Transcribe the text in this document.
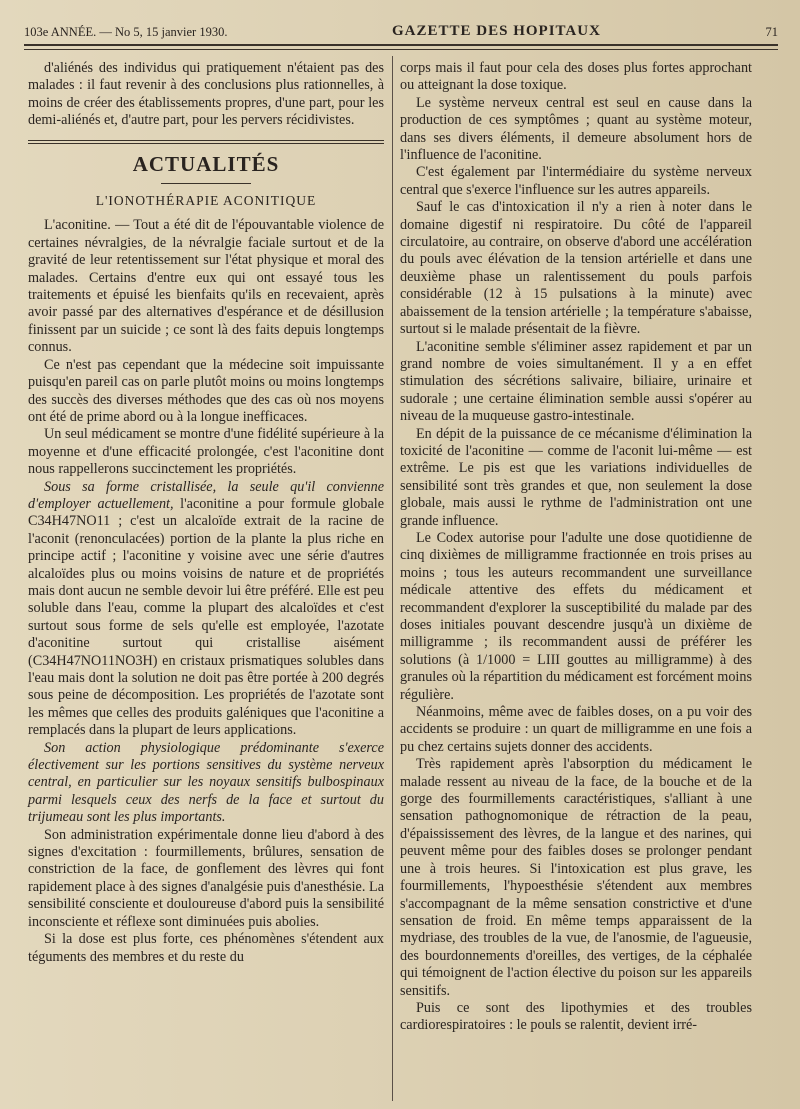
103e ANNÉE. — No 5, 15 janvier 1930.	GAZETTE DES HOPITAUX	71

d'aliénés des individus qui pratiquement n'étaient pas des malades : il faut revenir à des conclusions plus rationnelles, à moins de créer des établissements propres, d'une part, pour les demi-aliénés et, d'autre part, pour les pervers récidivistes.

ACTUALITÉS
L'IONOTHÉRAPIE ACONITIQUE

L'aconitine. — Tout a été dit de l'épouvantable violence de certaines névralgies, de la névralgie faciale surtout et de la gravité de leur retentissement sur l'état physique et moral des malades. Certains d'entre eux qui ont essayé tous les traitements et épuisé les bienfaits qu'ils en recevaient, après avoir passé par des alternatives d'espérance et de désillusion finissent par un suicide ; ce sont là des faits depuis longtemps connus.

Ce n'est pas cependant que la médecine soit impuissante puisqu'en pareil cas on parle plutôt moins ou moins longtemps des succès des diverses méthodes que des cas où nos moyens ont été de prime abord ou à la longue inefficaces.

Un seul médicament se montre d'une fidélité supérieure à la moyenne et d'une efficacité prolongée, c'est l'aconitine dont nous rappellerons succinctement les propriétés.

Sous sa forme cristallisée, la seule qu'il convienne d'employer actuellement, l'aconitine a pour formule globale C34H47NO11 ; c'est un alcaloïde extrait de la racine de l'aconit (renonculacées) portion de la plante la plus riche en principe actif ; l'aconitine y voisine avec une série d'autres alcaloïdes plus ou moins voisins de nature et de propriétés mais dont aucun ne semble devoir lui être préféré. Elle est peu soluble dans l'eau, comme la plupart des alcaloïdes et c'est surtout sous forme de sels qu'elle est employée, l'azotate d'aconitine surtout qui cristallise aisément (C34H47NO11NO3H) en cristaux prismatiques solubles dans l'eau mais dont la solution ne doit pas être portée à 200 degrés sous peine de décomposition. Les propriétés de l'azotate sont les mêmes que celles des produits galéniques que l'aconitine a remplacés dans la plupart de leurs applications.

Son action physiologique prédominante s'exerce électivement sur les portions sensitives du système nerveux central, en particulier sur les noyaux sensitifs bulbospinaux parmi lesquels ceux des nerfs de la face et surtout du trijumeau sont les plus importants.

Son administration expérimentale donne lieu d'abord à des signes d'excitation : fourmillements, brûlures, sensation de constriction de la face, de gonflement des lèvres qui font rapidement place à des signes d'analgésie puis d'anesthésie. La sensibilité consciente et douloureuse d'abord puis la sensibilité inconsciente et réflexe sont diminuées puis abolies.

Si la dose est plus forte, ces phénomènes s'étendent aux téguments des membres et du reste du

corps mais il faut pour cela des doses plus fortes approchant ou atteignant la dose toxique.

Le système nerveux central est seul en cause dans la production de ces symptômes ; quant au système moteur, dans ses divers éléments, il demeure absolument hors de l'influence de l'aconitine.

C'est également par l'intermédiaire du système nerveux central que s'exerce l'influence sur les autres appareils.

Sauf le cas d'intoxication il n'y a rien à noter dans le domaine digestif ni respiratoire. Du côté de l'appareil circulatoire, au contraire, on observe d'abord une accélération du pouls avec élévation de la tension artérielle et dans une deuxième phase un ralentissement du pouls parfois considérable (12 à 15 pulsations à la minute) avec abaissement de la tension artérielle ; la température s'abaisse, surtout si le malade présentait de la fièvre.

L'aconitine semble s'éliminer assez rapidement et par un grand nombre de voies simultanément. Il y a en effet stimulation des sécrétions salivaire, biliaire, urinaire et sudorale ; une certaine élimination semble aussi s'opérer au niveau de la muqueuse gastro-intestinale.

En dépit de la puissance de ce mécanisme d'élimination la toxicité de l'aconitine — comme de l'aconit lui-même — est extrême. Le pis est que les variations individuelles de sensibilité sont très grandes et que, non seulement la dose globale, mais aussi le rythme de l'administration ont une grande influence.

Le Codex autorise pour l'adulte une dose quotidienne de cinq dixièmes de milligramme fractionnée en trois prises au moins ; tous les auteurs recommandent une surveillance médicale attentive des effets du médicament et recommandent d'explorer la susceptibilité du malade par des doses initiales pouvant descendre jusqu'à un dixième de milligramme ; ils recommandent aussi de préférer les solutions (à 1/1000 = LIII gouttes au milligramme) à des granules où la répartition du médicament est forcément moins régulière.

Néanmoins, même avec de faibles doses, on a pu voir des accidents se produire : un quart de milligramme en une fois a pu chez certains sujets donner des accidents.

Très rapidement après l'absorption du médicament le malade ressent au niveau de la face, de la bouche et de la gorge des fourmillements caractéristiques, s'alliant à une sensation pathognomonique de rétraction de la peau, d'épaississement des lèvres, de la langue et des narines, qui peuvent même pour des faibles doses se prolonger pendant une à trois heures. Si l'intoxication est plus grave, les fourmillements, l'hypoesthésie s'étendent aux membres s'accompagnant de la même sensation constrictive et d'une sensation de froid. En même temps apparaissent de la mydriase, des troubles de la vue, de l'anosmie, de l'agueusie, des bourdonnements d'oreilles, des vertiges, de la céphalée qui témoignent de l'action élective du poison sur les appareils sensitifs.

Puis ce sont des lipothymies et des troubles cardiorespiratoires : le pouls se ralentit, devient irré-
